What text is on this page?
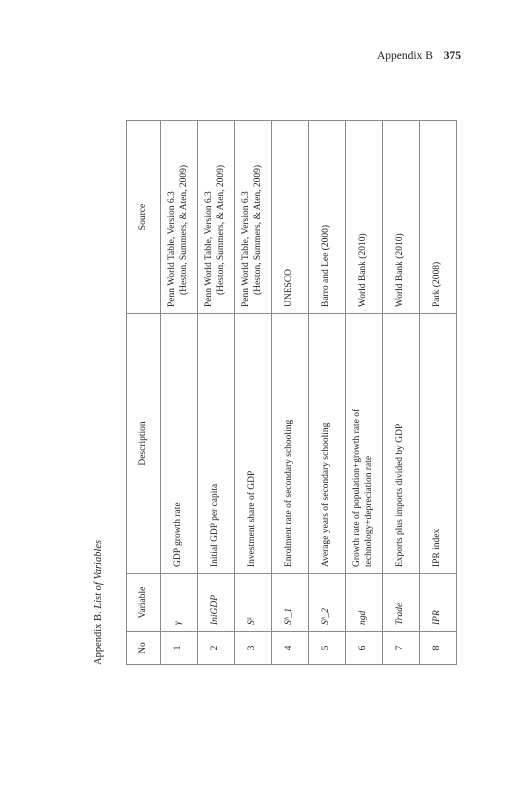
Appendix B 375
Appendix B. List of Variables
No	Variable	Description	Source
1	γ	GDP growth rate	Penn World Table, Version 6.3 (Heston, Summers, & Aten, 2009)

2	IniGDP	Initial GDP per capita	Penn World Table, Version 6.3 (Heston, Summers, & Aten, 2009)

3	Sᵏ	Investment share of GDP	Penn World Table, Version 6.3 (Heston, Summers, & Aten, 2009)

4	Sʰ_1	Enrolment rate of secondary schooling	UNESCO

5	Sʰ_2	Average years of secondary schooling	Barro and Lee (2000)

6	ngd	Growth rate of population+growth rate of technology+depreciation rate	World Bank (2010)

7	Trade	Exports plus imports divided by GDP	World Bank (2010)

8	IPR	IPR index	Park (2008)
